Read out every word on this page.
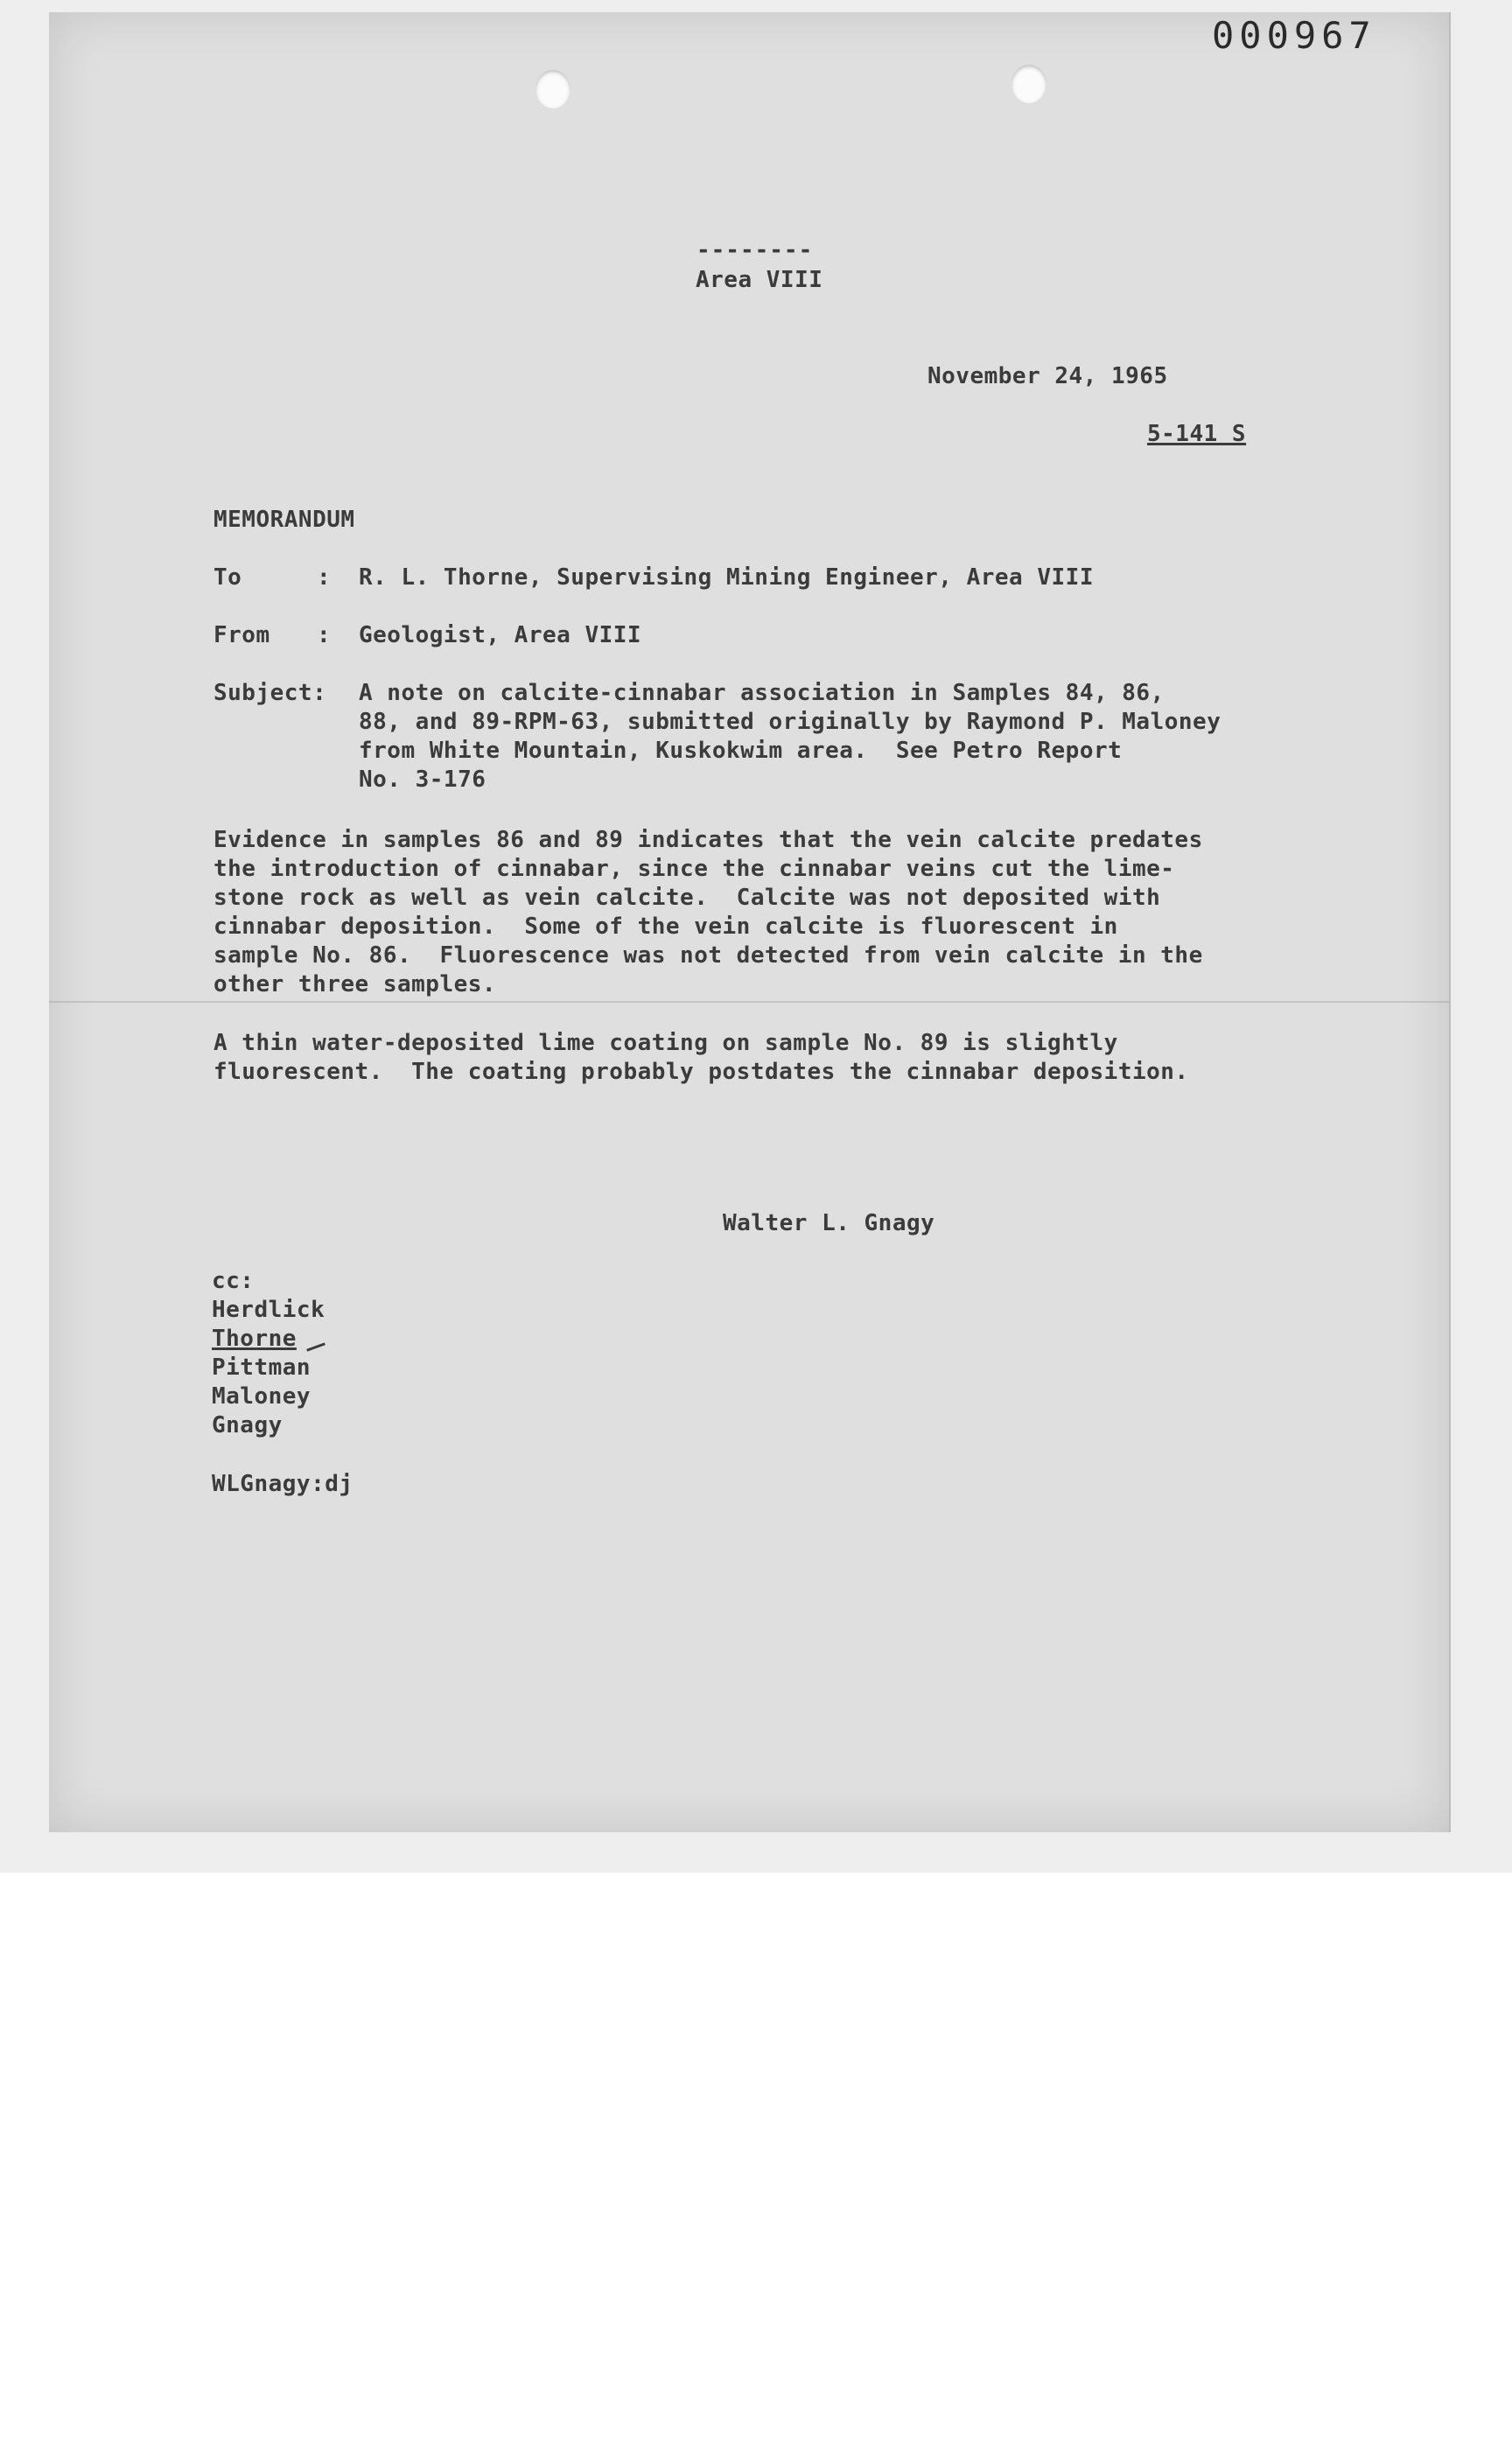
000967
--------
Area VIII
November 24, 1965
5-141 S
MEMORANDUM
To	: R. L. Thorne, Supervising Mining Engineer, Area VIII
From : Geologist, Area VIII
Subject: A note on calcite-cinnabar association in Samples 84, 86,
88, and 89-RPM-63, submitted originally by Raymond P. Maloney
from White Mountain, Kuskokwim area.  See Petro Report
No. 3-176
Evidence in samples 86 and 89 indicates that the vein calcite predates
the introduction of cinnabar, since the cinnabar veins cut the lime-
stone rock as well as vein calcite.  Calcite was not deposited with
cinnabar deposition.  Some of the vein calcite is fluorescent in
sample No. 86.  Fluorescence was not detected from vein calcite in the
other three samples.
A thin water-deposited lime coating on sample No. 89 is slightly
fluorescent.  The coating probably postdates the cinnabar deposition.
Walter L. Gnagy
cc:
Herdlick
Thorne
Pittman
Maloney
Gnagy
WLGnagy:dj
